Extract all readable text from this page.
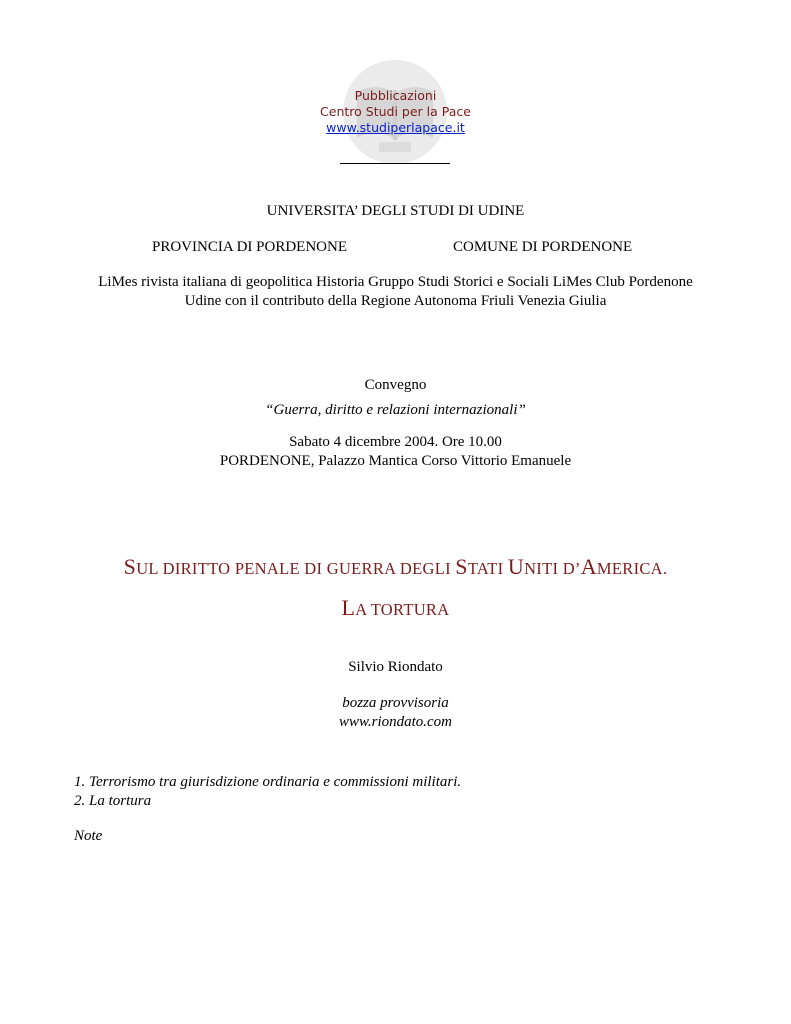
Pubblicazioni
Centro Studi per la Pace
www.studiperlapace.it
UNIVERSITA’ DEGLI STUDI DI UDINE
PROVINCIA DI PORDENONE	COMUNE DI PORDENONE
LiMes rivista italiana di geopolitica Historia Gruppo Studi Storici e Sociali LiMes Club Pordenone
Udine con il contributo della Regione Autonoma Friuli Venezia Giulia
Convegno
“Guerra, diritto e relazioni internazionali”
Sabato 4 dicembre 2004. Ore 10.00
PORDENONE, Palazzo Mantica Corso Vittorio Emanuele
SUL DIRITTO PENALE DI GUERRA DEGLI STATI UNITI D’AMERICA.
LA TORTURA
Silvio Riondato
bozza provvisoria
www.riondato.com
1. Terrorismo tra giurisdizione ordinaria e commissioni militari.
2. La tortura
Note
